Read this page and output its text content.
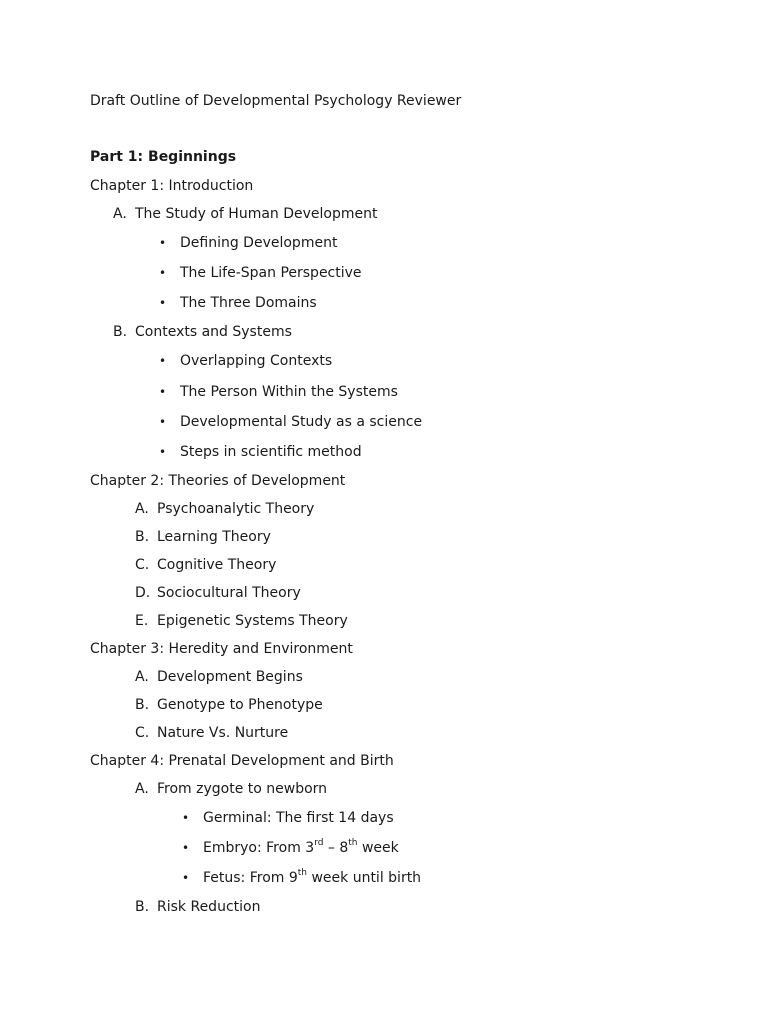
Draft Outline of Developmental Psychology Reviewer
Part 1: Beginnings
Chapter 1: Introduction
A. The Study of Human Development
• Defining Development
• The Life-Span Perspective
• The Three Domains
B. Contexts and Systems
• Overlapping Contexts
• The Person Within the Systems
• Developmental Study as a science
• Steps in scientific method
Chapter 2: Theories of Development
A. Psychoanalytic Theory
B. Learning Theory
C. Cognitive Theory
D. Sociocultural Theory
E. Epigenetic Systems Theory
Chapter 3: Heredity and Environment
A. Development Begins
B. Genotype to Phenotype
C. Nature Vs. Nurture
Chapter 4: Prenatal Development and Birth
A. From zygote to newborn
• Germinal: The first 14 days
• Embryo: From 3rd – 8th week
• Fetus: From 9th week until birth
B. Risk Reduction
